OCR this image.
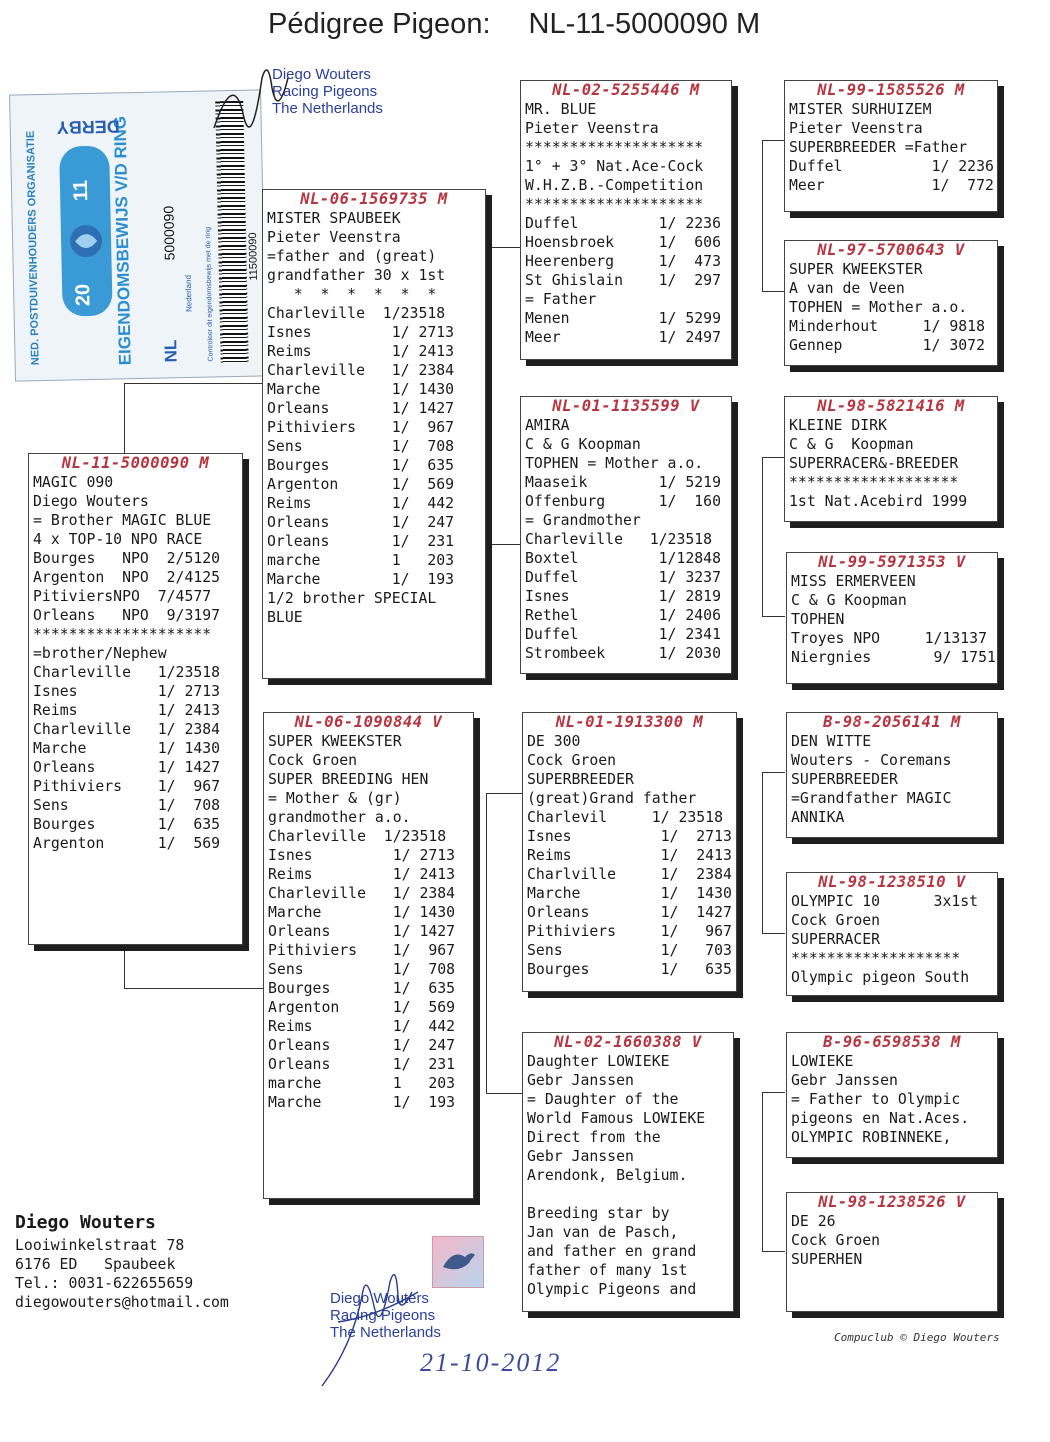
Pédigree Pigeon: NL-11-5000090 M
NED. POSTDUIVENHOUDERS ORGANISATIE	EIGENDOMSBEWIJS V/D RING
DERBY
20
11
NL
5000090
Nederland Controleer dit eigendomsbewijs met de ring	11500090
Diego Wouters
Racing Pigeons
The Netherlands
NL-11-5000090 M
MAGIC 090
Diego Wouters
= Brother MAGIC BLUE
4 x TOP-10 NPO RACE
Bourges   NPO  2/5120
Argenton  NPO  2/4125
PitiviersNPO  7/4577
Orleans   NPO  9/3197
********************
=brother/Nephew
Charleville   1/23518
Isnes         1/ 2713
Reims         1/ 2413
Charleville   1/ 2384
Marche        1/ 1430
Orleans       1/ 1427
Pithiviers    1/  967
Sens          1/  708
Bourges       1/  635
Argenton      1/  569
NL-06-1569735 M
MISTER SPAUBEEK
Pieter Veenstra
=father and (great)
grandfather 30 x 1st
*  *  *  *  *  *
Charleville  1/23518
Isnes         1/ 2713
Reims         1/ 2413
Charleville   1/ 2384
Marche        1/ 1430
Orleans       1/ 1427
Pithiviers    1/  967
Sens          1/  708
Bourges       1/  635
Argenton      1/  569
Reims         1/  442
Orleans       1/  247
Orleans       1/  231
marche        1   203
Marche        1/  193
1/2 brother SPECIAL
BLUE
NL-06-1090844 V
SUPER KWEEKSTER
Cock Groen
SUPER BREEDING HEN
= Mother & (gr)
grandmother a.o.
Charleville  1/23518
Isnes         1/ 2713
Reims         1/ 2413
Charleville   1/ 2384
Marche        1/ 1430
Orleans       1/ 1427
Pithiviers    1/  967
Sens          1/  708
Bourges       1/  635
Argenton      1/  569
Reims         1/  442
Orleans       1/  247
Orleans       1/  231
marche        1   203
Marche        1/  193
NL-02-5255446 M
MR. BLUE
Pieter Veenstra
********************
1° + 3° Nat.Ace-Cock
W.H.Z.B.-Competition
********************
Duffel         1/ 2236
Hoensbroek     1/  606
Heerenberg     1/  473
St Ghislain    1/  297
= Father
Menen          1/ 5299
Meer           1/ 2497
NL-01-1135599 V
AMIRA
C & G Koopman
TOPHEN = Mother a.o.
Maaseik        1/ 5219
Offenburg      1/  160
= Grandmother
Charleville   1/23518
Boxtel         1/12848
Duffel         1/ 3237
Isnes          1/ 2819
Rethel         1/ 2406
Duffel         1/ 2341
Strombeek      1/ 2030
NL-01-1913300 M
DE 300
Cock Groen
SUPERBREEDER
(great)Grand father
Charlevil     1/ 23518
Isnes          1/  2713
Reims          1/  2413
Charlville     1/  2384
Marche         1/  1430
Orleans        1/  1427
Pithiviers     1/   967
Sens           1/   703
Bourges        1/   635
NL-02-1660388 V
Daughter LOWIEKE
Gebr Janssen
= Daughter of the
World Famous LOWIEKE
Direct from the
Gebr Janssen
Arendonk, Belgium.
Breeding star by
Jan van de Pasch,
and father en grand
father of many 1st
Olympic Pigeons and
NL-99-1585526 M
MISTER SURHUIZEM
Pieter Veenstra
SUPERBREEDER =Father
Duffel          1/ 2236
Meer            1/  772
NL-97-5700643 V
SUPER KWEEKSTER
A van de Veen
TOPHEN = Mother a.o.
Minderhout     1/ 9818
Gennep         1/ 3072
NL-98-5821416 M
KLEINE DIRK
C & G  Koopman
SUPERRACER&-BREEDER
*******************
1st Nat.Acebird 1999
NL-99-5971353 V
MISS ERMERVEEN
C & G Koopman
TOPHEN
Troyes NPO     1/13137
Niergnies       9/ 1751
B-98-2056141 M
DEN WITTE
Wouters - Coremans
SUPERBREEDER
=Grandfather MAGIC
ANNIKA
NL-98-1238510 V
OLYMPIC 10      3x1st
Cock Groen
SUPERRACER
*******************
Olympic pigeon South
B-96-6598538 M
LOWIEKE
Gebr Janssen
= Father to Olympic
pigeons en Nat.Aces.
OLYMPIC ROBINNEKE,
NL-98-1238526 V
DE 26
Cock Groen
SUPERHEN
Diego Wouters
Looiwinkelstraat 78
6176 ED   Spaubeek
Tel.: 0031-622655659
diegowouters@hotmail.com	Diego Wouters
Racing Pigeons
The Netherlands
21-10-2012
Compuclub © Diego Wouters
